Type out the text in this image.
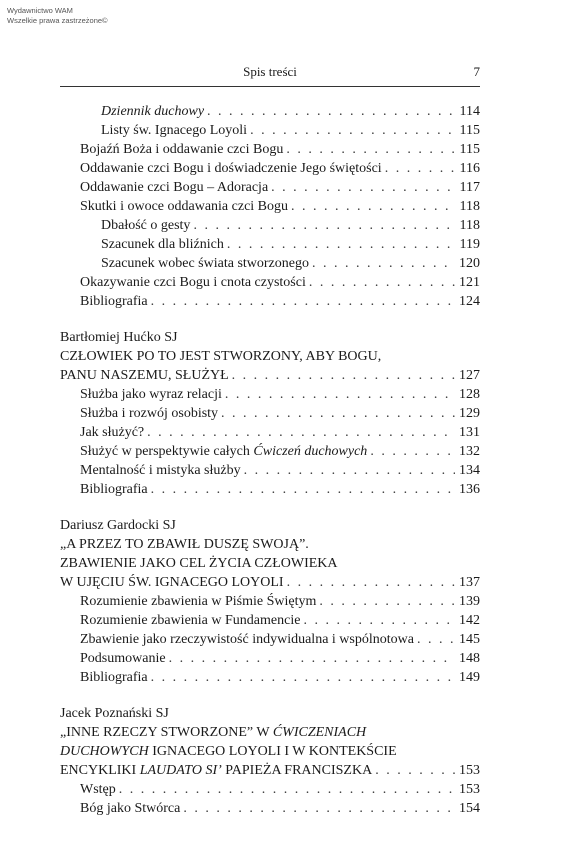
Wydawnictwo WAM
Wszelkie prawa zastrzeżone©
Spis treści	7
Dziennik duchowy . . .	114
Listy św. Ignacego Loyoli . . .	115
Bojaźń Boża i oddawanie czci Bogu . . .	115
Oddawanie czci Bogu i doświadczenie Jego świętości . . .	116
Oddawanie czci Bogu – Adoracja . . .	117
Skutki i owoce oddawania czci Bogu . . .	118
Dbałość o gesty . . .	118
Szacunek dla bliźnich . . .	119
Szacunek wobec świata stworzonego . . .	120
Okazywanie czci Bogu i cnota czystości . . .	121
Bibliografia . . .	124
Bartłomiej Hućko SJ
CZŁOWIEK PO TO JEST STWORZONY, ABY BOGU,
PANU NASZEMU, SŁUŻYŁ . . .	127
Służba jako wyraz relacji . . .	128
Służba i rozwój osobisty . . .	129
Jak służyć? . . .	131
Służyć w perspektywie całych Ćwiczeń duchowych . . .	132
Mentalność i mistyka służby . . .	134
Bibliografia . . .	136
Dariusz Gardocki SJ
„A PRZEZ TO ZBAWIŁ DUSZĘ SWOJĄ”.
ZBAWIENIE JAKO CEL ŻYCIA CZŁOWIEKA
W UJĘCIU ŚW. IGNACEGO LOYOLI . . .	137
Rozumienie zbawienia w Piśmie Świętym . . .	139
Rozumienie zbawienia w Fundamencie . . .	142
Zbawienie jako rzeczywistość indywidualna i wspólnotowa . . .	145
Podsumowanie . . .	148
Bibliografia . . .	149
Jacek Poznański SJ
„INNE RZECZY STWORZONE” W ĆWICZENIACH
DUCHOWYCH IGNACEGO LOYOLI I W KONTEKŚCIE
ENCYKLIKI LAUDATO SI’ PAPIEŻA FRANCISZKA . . .	153
Wstęp . . .	153
Bóg jako Stwórca . . .	154
